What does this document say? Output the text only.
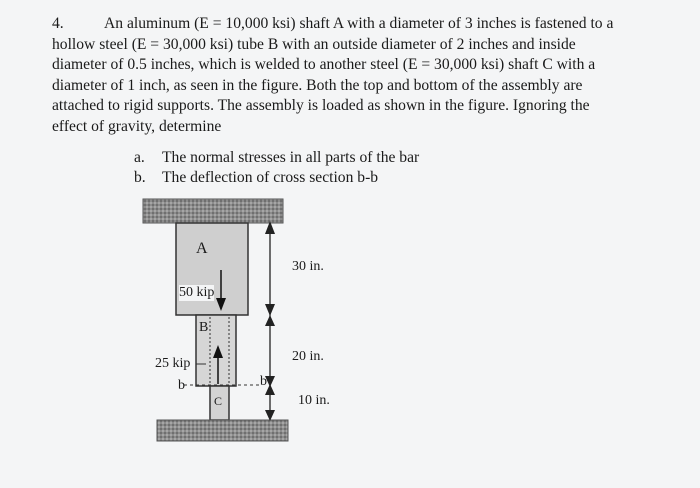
4.	An aluminum (E = 10,000 ksi) shaft A with a diameter of 3 inches is fastened to a
hollow steel (E = 30,000 ksi) tube B with an outside diameter of 2 inches and inside
diameter of 0.5 inches, which is welded to another steel (E = 30,000 ksi) shaft C with a
diameter of 1 inch, as seen in the figure. Both the top and bottom of the assembly are
attached to rigid supports. The assembly is loaded as shown in the figure. Ignoring the
effect of gravity, determine
a. The normal stresses in all parts of the bar
b. The deflection of cross section b-b
A
50 kip
B
C
25 kip
b	b
30 in.
20 in.
10 in.
